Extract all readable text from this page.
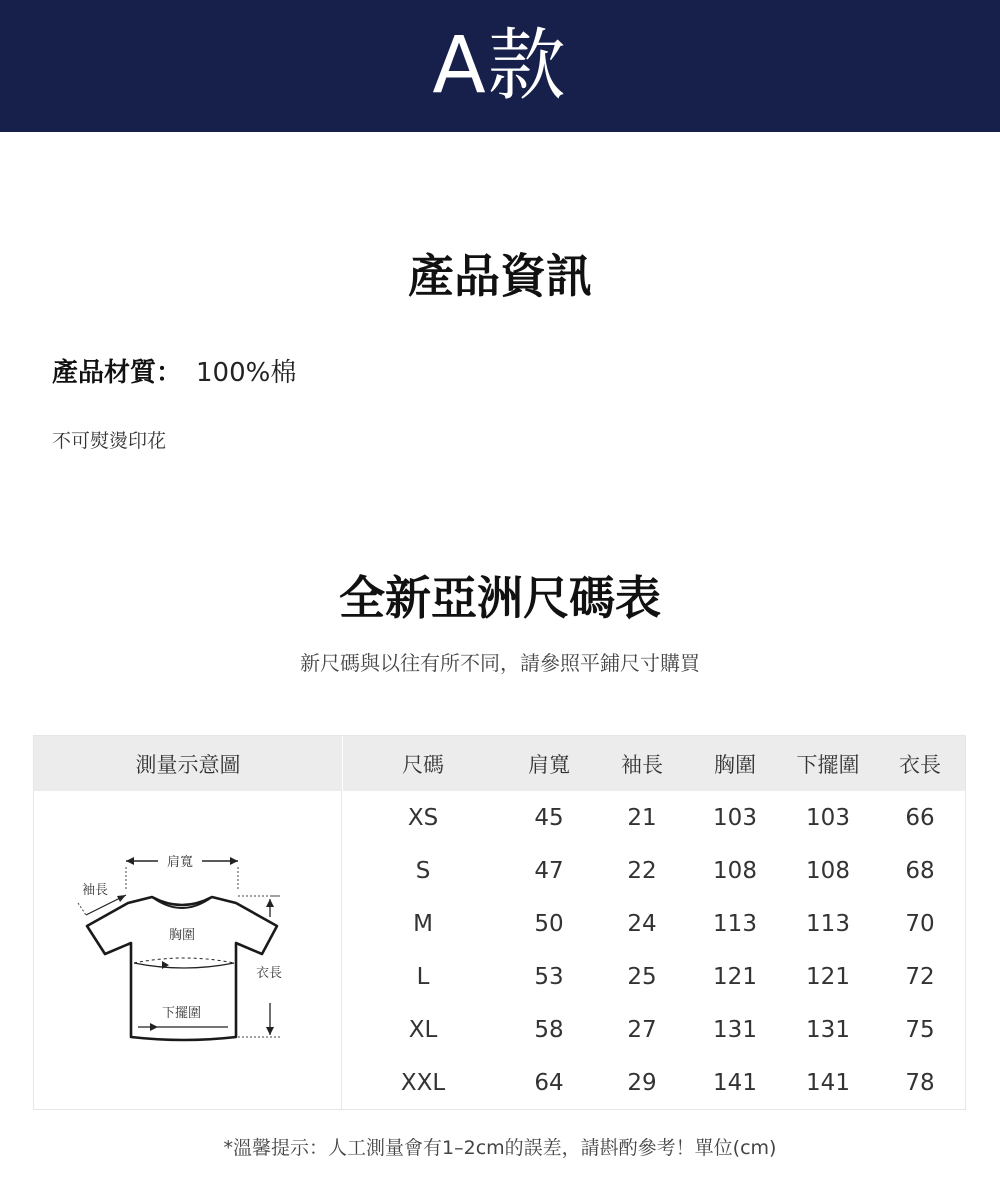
A款
產品資訊
產品材質： 100%棉
不可熨燙印花
全新亞洲尺碼表
新尺碼與以往有所不同，請參照平鋪尺寸購買
測量示意圖
肩寬
袖長
胸圍
衣長
下擺圍
尺碼	肩寬	袖長	胸圍	下擺圍	衣長
XS	45	21	103	103	66
S	47	22	108	108	68
M	50	24	113	113	70
L	53	25	121	121	72
XL	58	27	131	131	75
XXL	64	29	141	141	78
*溫馨提示：人工測量會有1–2cm的誤差，請斟酌參考！單位(cm)
